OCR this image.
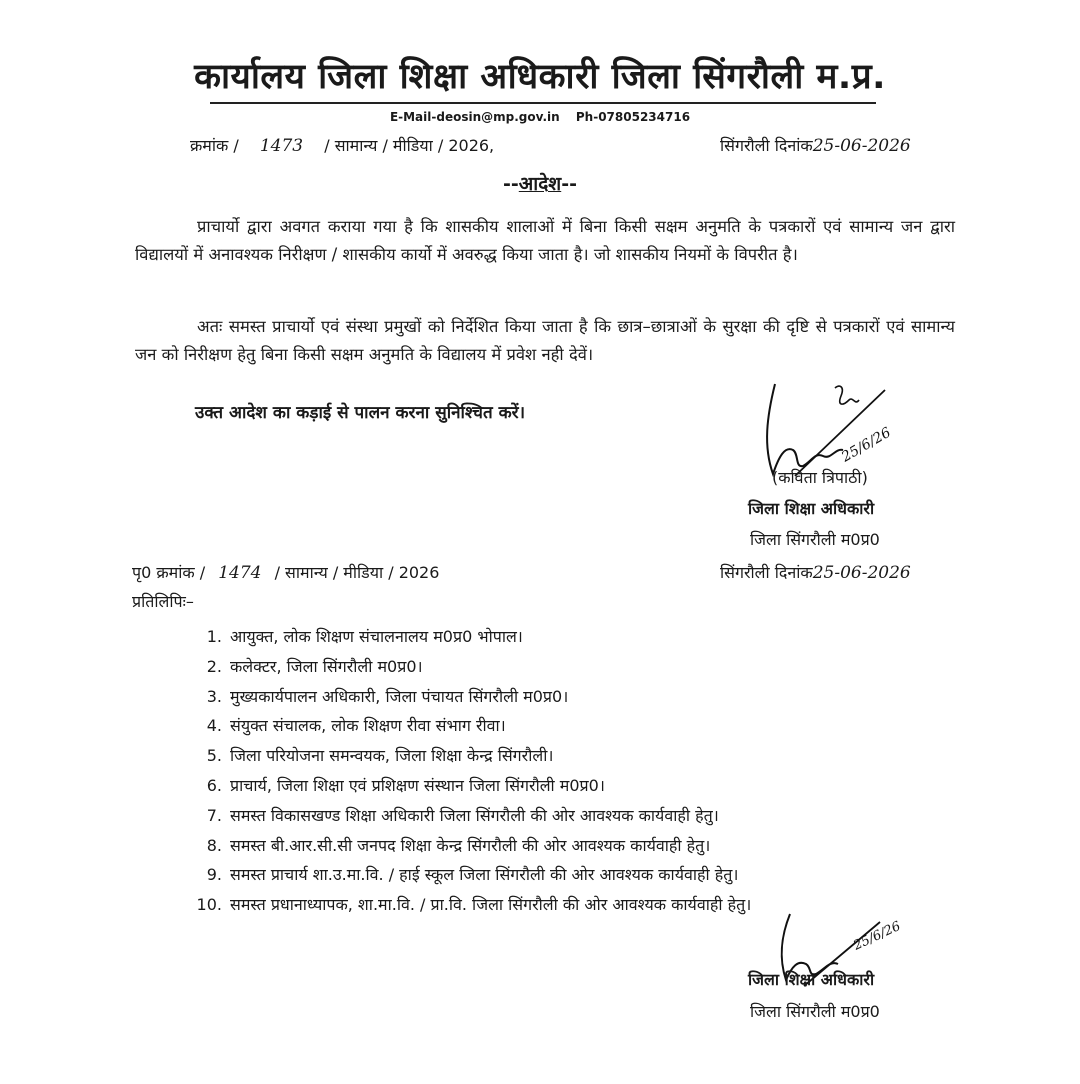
कार्यालय जिला शिक्षा अधिकारी जिला सिंगरौली म.प्र.
E-Mail-deosin@mp.gov.in Ph-07805234716
क्रमांक / 1473 / सामान्य / मीडिया / 2026,	सिंगरौली दिनांक25-06-2026
--आदेश--
प्राचार्यो द्वारा अवगत कराया गया है कि शासकीय शालाओं में बिना किसी सक्षम अनुमति के पत्रकारों एवं सामान्य जन द्वारा विद्यालयों में अनावश्यक निरीक्षण / शासकीय कार्यो में अवरुद्ध किया जाता है। जो शासकीय नियमों के विपरीत है।
अतः समस्त प्राचार्यो एवं संस्था प्रमुखों को निर्देशित किया जाता है कि छात्र–छात्राओं के सुरक्षा की दृष्टि से पत्रकारों एवं सामान्य जन को निरीक्षण हेतु बिना किसी सक्षम अनुमति के विद्यालय में प्रवेश नही देवें।
उक्त आदेश का कड़ाई से पालन करना सुनिश्चित करें।
25/6/26
(कविता त्रिपाठी)
जिला शिक्षा अधिकारी
जिला सिंगरौली म0प्र0
पृ0 क्रमांक / 1474 / सामान्य / मीडिया / 2026	सिंगरौली दिनांक25-06-2026
प्रतिलिपिः–
1. आयुक्त, लोक शिक्षण संचालनालय म0प्र0 भोपाल।
2. कलेक्टर, जिला सिंगरौली म0प्र0।
3. मुख्यकार्यपालन अधिकारी, जिला पंचायत सिंगरौली म0प्र0।
4. संयुक्त संचालक, लोक शिक्षण रीवा संभाग रीवा।
5. जिला परियोजना समन्वयक, जिला शिक्षा केन्द्र सिंगरौली।
6. प्राचार्य, जिला शिक्षा एवं प्रशिक्षण संस्थान जिला सिंगरौली म0प्र0।
7. समस्त विकासखण्ड शिक्षा अधिकारी जिला सिंगरौली की ओर आवश्यक कार्यवाही हेतु।
8. समस्त बी.आर.सी.सी जनपद शिक्षा केन्द्र सिंगरौली की ओर आवश्यक कार्यवाही हेतु।
9. समस्त प्राचार्य शा.उ.मा.वि. / हाई स्कूल जिला सिंगरौली की ओर आवश्यक कार्यवाही हेतु।
10. समस्त प्रधानाध्यापक, शा.मा.वि. / प्रा.वि. जिला सिंगरौली की ओर आवश्यक कार्यवाही हेतु।
25/6/26
जिला शिक्षा अधिकारी
जिला सिंगरौली म0प्र0
